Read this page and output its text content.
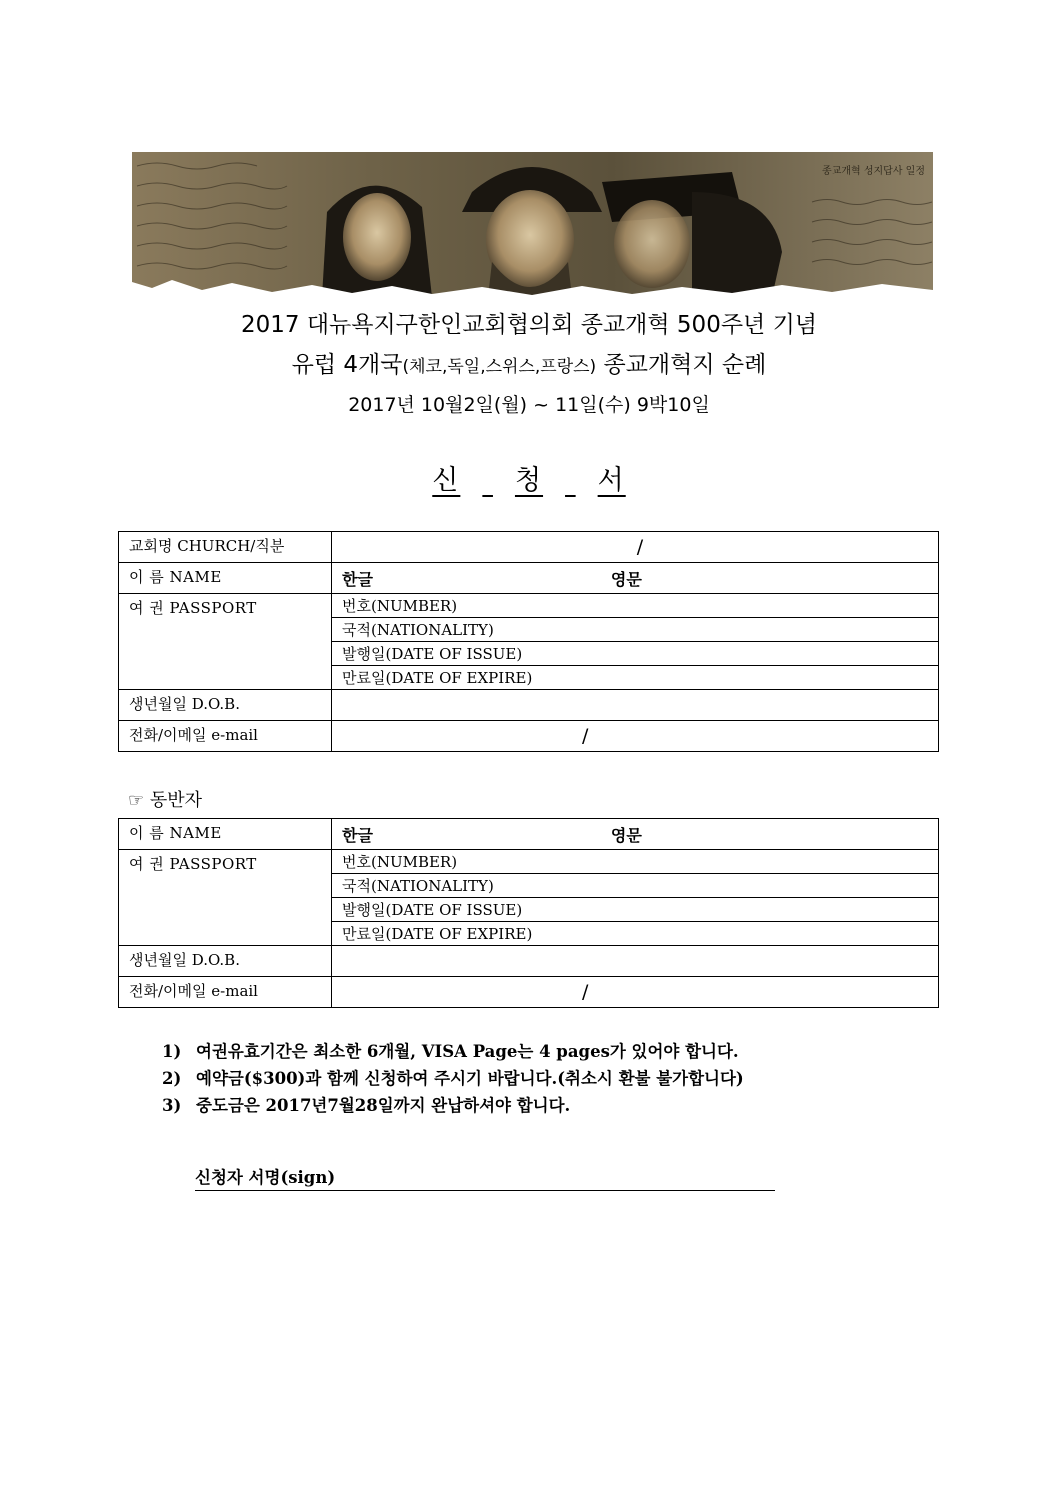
종교개혁 성지답사 일정
2017 대뉴욕지구한인교회협의회 종교개혁 500주년 기념
유럽 4개국(체코,독일,스위스,프랑스) 종교개혁지 순례
2017년 10월2일(월) ~ 11일(수) 9박10일
신 청 서
교회명 CHURCH/직분	/

이 름 NAME	한글 영문
여 권 PASSPORT	번호(NUMBER)
	국적(NATIONALITY)
	발행일(DATE OF ISSUE)
	만료일(DATE OF EXPIRE)
생년월일 D.O.B.	
전화/이메일 e-mail	/
☞ 동반자
이 름 NAME	한글 영문
여 권 PASSPORT	번호(NUMBER)
	국적(NATIONALITY)
	발행일(DATE OF ISSUE)
	만료일(DATE OF EXPIRE)
생년월일 D.O.B.	
전화/이메일 e-mail	/
1) 여권유효기간은 최소한 6개월, VISA Page는 4 pages가 있어야 합니다.
2) 예약금($300)과 함께 신청하여 주시기 바랍니다.(취소시 환불 불가합니다)
3) 중도금은 2017년7월28일까지 완납하셔야 합니다.
신청자 서명(sign)
